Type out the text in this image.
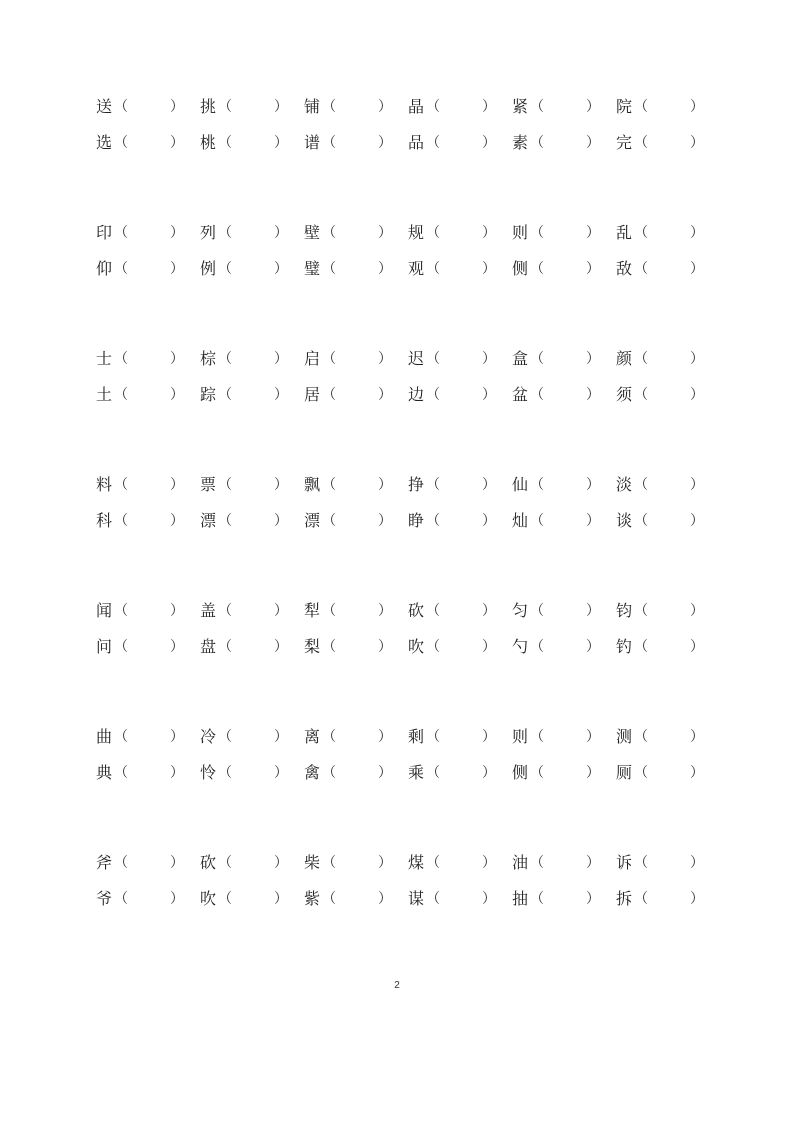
送 （	） 挑 （	） 铺 （	） 晶 （	） 紧 （	） 院 （	）
选 （	） 桃 （	） 谱 （	） 品 （	） 素 （	） 完 （	）
印 （	） 列 （	） 壁 （	） 规 （	） 则 （	） 乱 （	）
仰 （	） 例 （	） 璧 （	） 观 （	） 侧 （	） 敌 （	）
士 （	） 棕 （	） 启 （	） 迟 （	） 盒 （	） 颜 （	）
土 （	） 踪 （	） 居 （	） 边 （	） 盆 （	） 须 （	）
料 （	） 票 （	） 飘 （	） 挣 （	） 仙 （	） 淡 （	）
科 （	） 漂 （	） 漂 （	） 睁 （	） 灿 （	） 谈 （	）
闻 （	） 盖 （	） 犁 （	） 砍 （	） 匀 （	） 钧 （	）
问 （	） 盘 （	） 梨 （	） 吹 （	） 勺 （	） 钓 （	）
曲 （	） 冷 （	） 离 （	） 剩 （	） 则 （	） 测 （	）
典 （	） 怜 （	） 禽 （	） 乘 （	） 侧 （	） 厕 （	）
斧 （	） 砍 （	） 柴 （	） 煤 （	） 油 （	） 诉 （	）
爷 （	） 吹 （	） 紫 （	） 谋 （	） 抽 （	） 拆 （	）
2
